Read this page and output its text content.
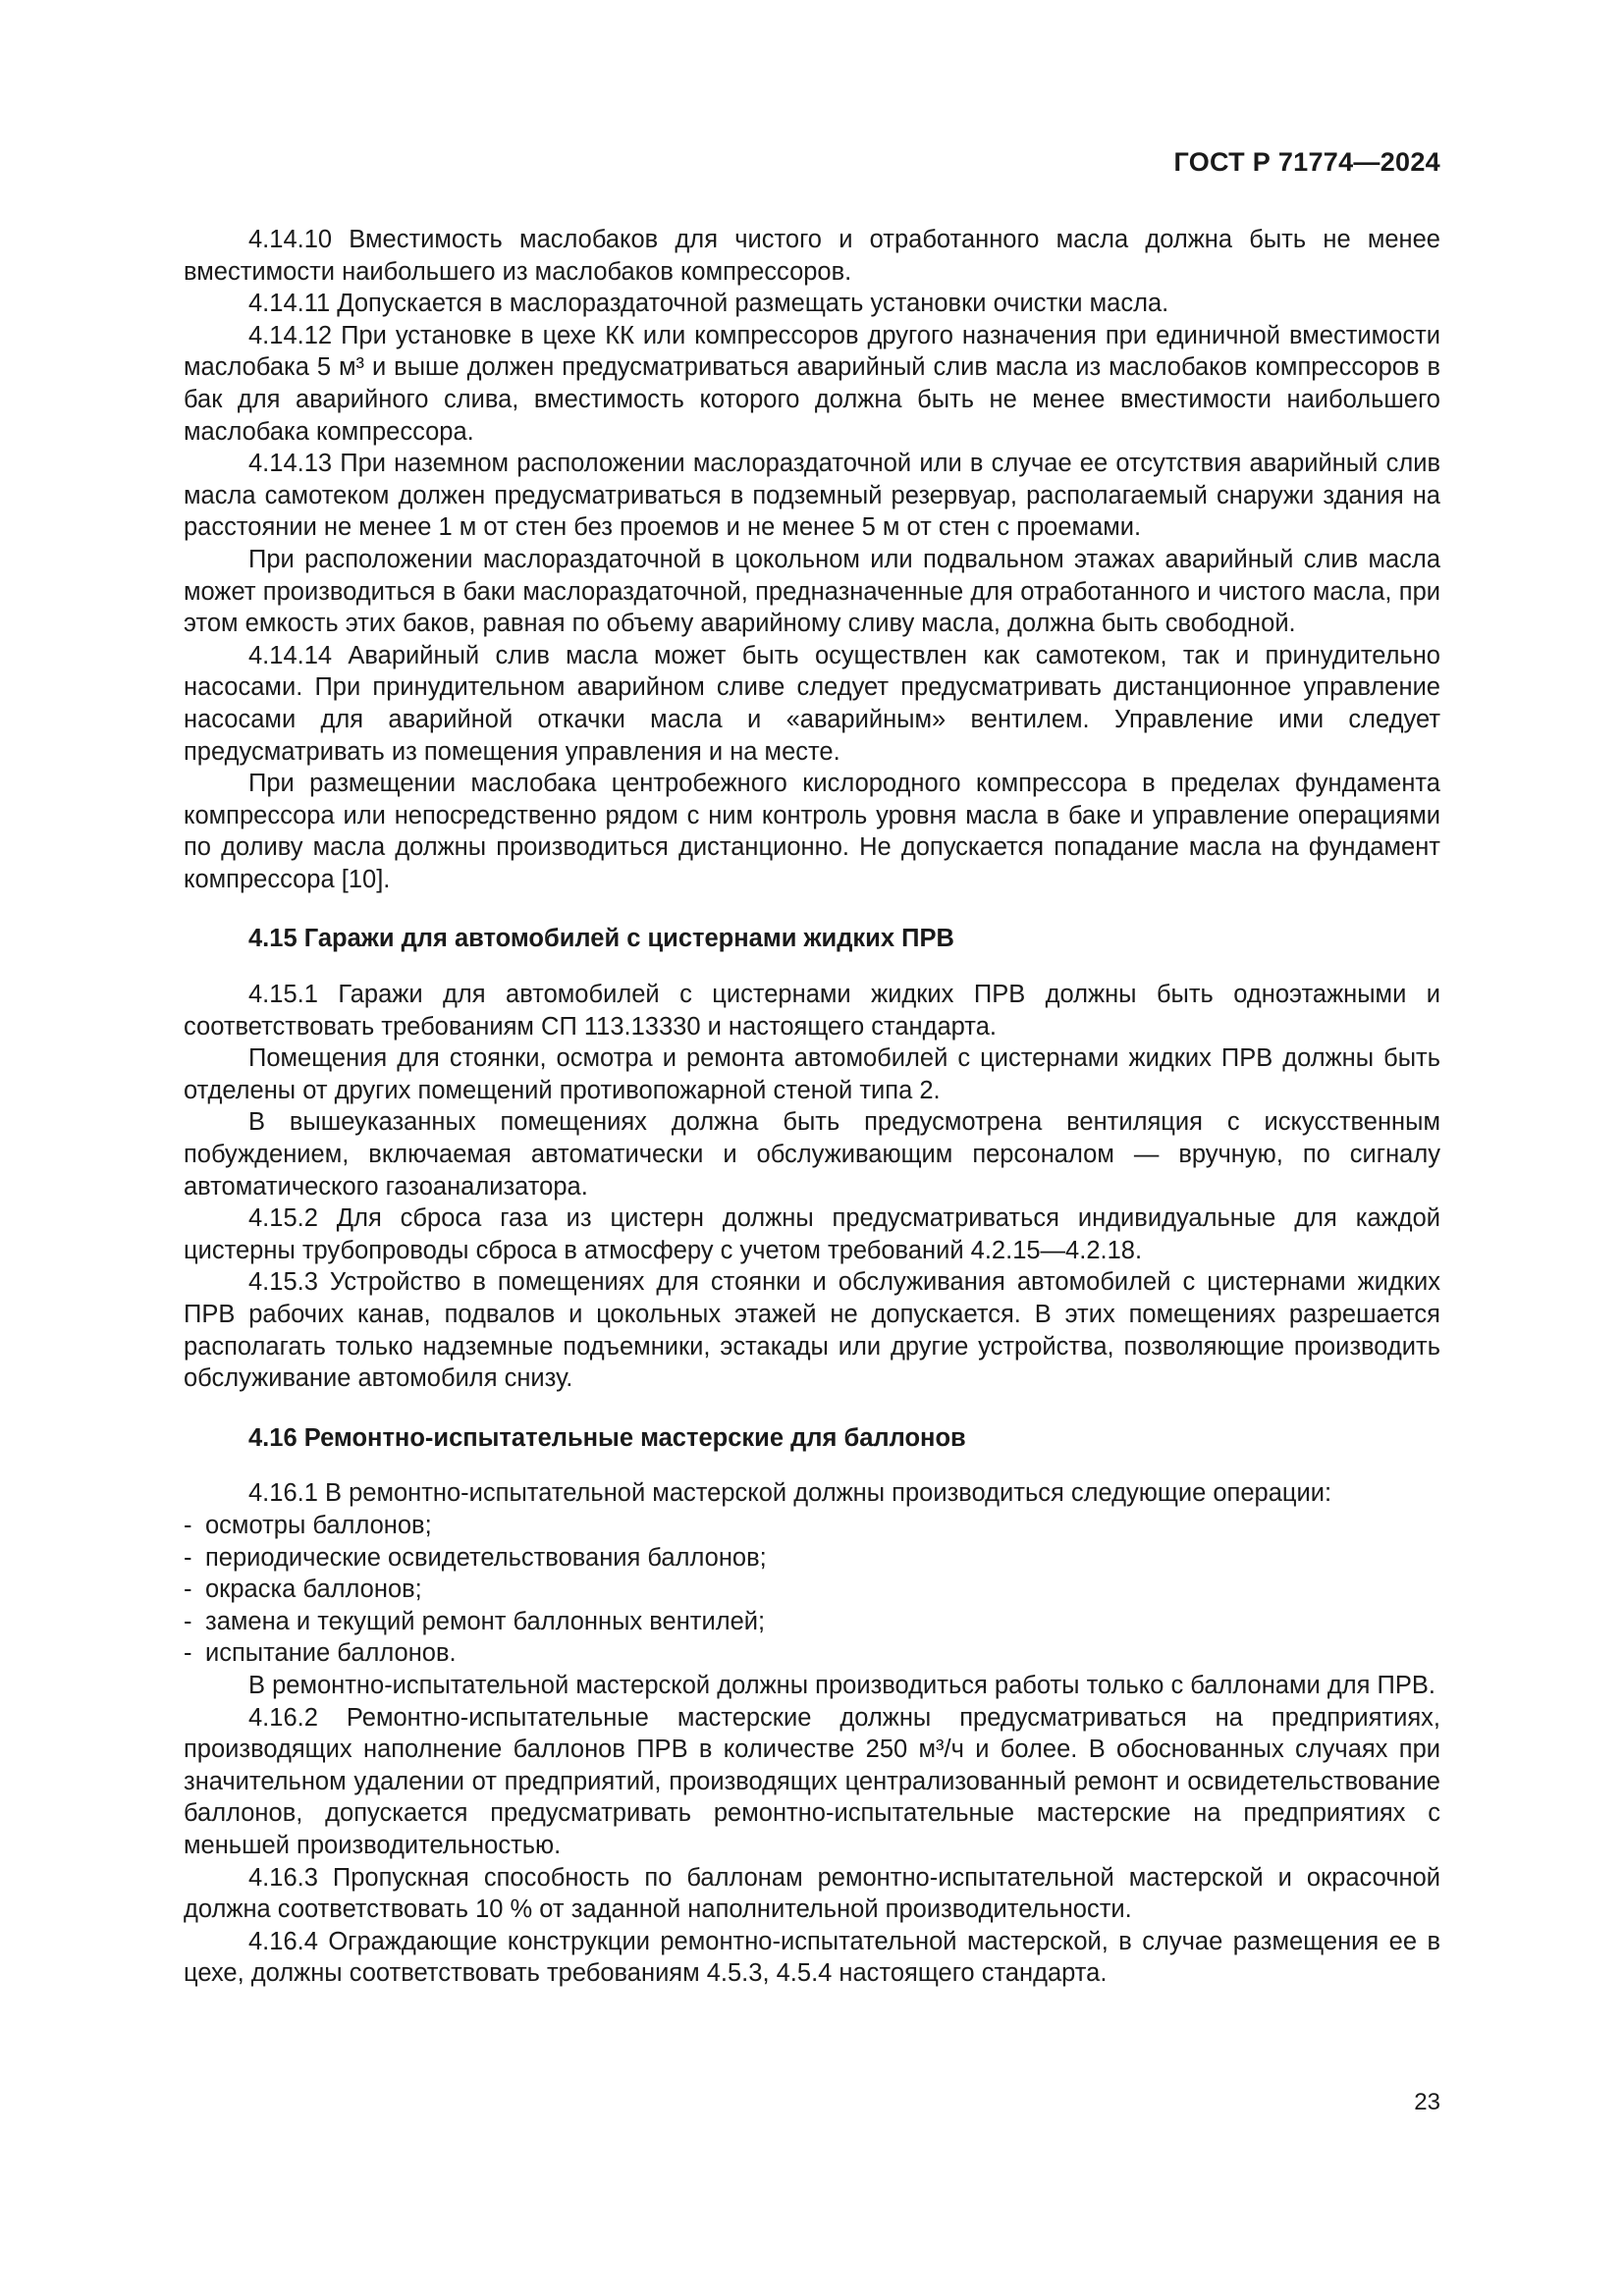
ГОСТ Р 71774—2024

4.14.10 Вместимость маслобаков для чистого и отработанного масла должна быть не менее вместимости наибольшего из маслобаков компрессоров.

4.14.11 Допускается в маслораздаточной размещать установки очистки масла.

4.14.12 При установке в цехе КК или компрессоров другого назначения при единичной вместимости маслобака 5 м³ и выше должен предусматриваться аварийный слив масла из маслобаков компрессоров в бак для аварийного слива, вместимость которого должна быть не менее вместимости наибольшего маслобака компрессора.

4.14.13 При наземном расположении маслораздаточной или в случае ее отсутствия аварийный слив масла самотеком должен предусматриваться в подземный резервуар, располагаемый снаружи здания на расстоянии не менее 1 м от стен без проемов и не менее 5 м от стен с проемами.

При расположении маслораздаточной в цокольном или подвальном этажах аварийный слив масла может производиться в баки маслораздаточной, предназначенные для отработанного и чистого масла, при этом емкость этих баков, равная по объему аварийному сливу масла, должна быть свободной.

4.14.14 Аварийный слив масла может быть осуществлен как самотеком, так и принудительно насосами. При принудительном аварийном сливе следует предусматривать дистанционное управление насосами для аварийной откачки масла и «аварийным» вентилем. Управление ими следует предусматривать из помещения управления и на месте.

При размещении маслобака центробежного кислородного компрессора в пределах фундамента компрессора или непосредственно рядом с ним контроль уровня масла в баке и управление операциями по доливу масла должны производиться дистанционно. Не допускается попадание масла на фундамент компрессора [10].

4.15 Гаражи для автомобилей с цистернами жидких ПРВ

4.15.1 Гаражи для автомобилей с цистернами жидких ПРВ должны быть одноэтажными и соответствовать требованиям СП 113.13330 и настоящего стандарта.

Помещения для стоянки, осмотра и ремонта автомобилей с цистернами жидких ПРВ должны быть отделены от других помещений противопожарной стеной типа 2.

В вышеуказанных помещениях должна быть предусмотрена вентиляция с искусственным побуждением, включаемая автоматически и обслуживающим персоналом — вручную, по сигналу автоматического газоанализатора.

4.15.2 Для сброса газа из цистерн должны предусматриваться индивидуальные для каждой цистерны трубопроводы сброса в атмосферу с учетом требований 4.2.15—4.2.18.

4.15.3 Устройство в помещениях для стоянки и обслуживания автомобилей с цистернами жидких ПРВ рабочих канав, подвалов и цокольных этажей не допускается. В этих помещениях разрешается располагать только надземные подъемники, эстакады или другие устройства, позволяющие производить обслуживание автомобиля снизу.

4.16 Ремонтно-испытательные мастерские для баллонов

4.16.1 В ремонтно-испытательной мастерской должны производиться следующие операции:

- осмотры баллонов;

- периодические освидетельствования баллонов;

- окраска баллонов;

- замена и текущий ремонт баллонных вентилей;

- испытание баллонов.

В ремонтно-испытательной мастерской должны производиться работы только с баллонами для ПРВ.

4.16.2 Ремонтно-испытательные мастерские должны предусматриваться на предприятиях, производящих наполнение баллонов ПРВ в количестве 250 м³/ч и более. В обоснованных случаях при значительном удалении от предприятий, производящих централизованный ремонт и освидетельствование баллонов, допускается предусматривать ремонтно-испытательные мастерские на предприятиях с меньшей производительностью.

4.16.3 Пропускная способность по баллонам ремонтно-испытательной мастерской и окрасочной должна соответствовать 10 % от заданной наполнительной производительности.

4.16.4 Ограждающие конструкции ремонтно-испытательной мастерской, в случае размещения ее в цехе, должны соответствовать требованиям 4.5.3, 4.5.4 настоящего стандарта.

23
